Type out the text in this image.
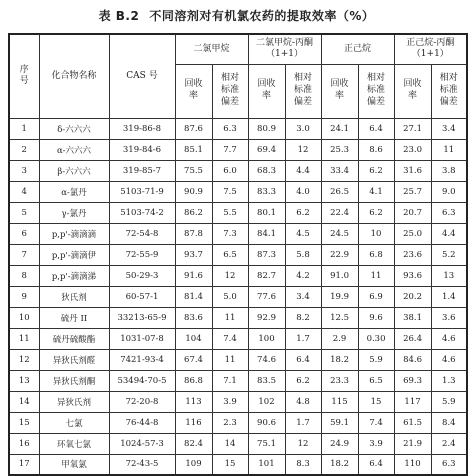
表 B.2 不同溶剂对有机氯农药的提取效率（%）
序号	化合物名称	CAS 号	二氯甲烷		二氯甲烷-丙酮（1+1）		正己烷		正己烷-丙酮（1+1）	
			回收率	相对标准偏差	回收率	相对标准偏差	回收率	相对标准偏差	回收率	相对标准偏差
1	δ-六六六	319-86-8	87.6	6.3	80.9	3.0	24.1	6.4	27.1	3.4
2	α-六六六	319-84-6	85.1	7.7	69.4	12	25.3	8.6	23.0	11
3	β-六六六	319-85-7	75.5	6.0	68.3	4.4	33.4	6.2	31.6	3.8
4	α-氯丹	5103-71-9	90.9	7.5	83.3	4.0	26.5	4.1	25.7	9.0
5	γ-氯丹	5103-74-2	86.2	5.5	80.1	6.2	22.4	6.2	20.7	6.3
6	p,p'-滴滴滴	72-54-8	87.8	7.3	84.1	4.5	24.5	10	25.0	4.4
7	p,p'-滴滴伊	72-55-9	93.7	6.5	87.3	5.8	22.9	6.8	23.6	5.2
8	p,p'-滴滴涕	50-29-3	91.6	12	82.7	4.2	91.0	11	93.6	13
9	狄氏剂	60-57-1	81.4	5.0	77.6	3.4	19.9	6.9	20.2	1.4
10	硫丹 II	33213-65-9	83.6	11	92.9	8.2	12.5	9.6	38.1	3.6
11	硫丹硫酸酯	1031-07-8	104	7.4	100	1.7	2.9	0.30	26.4	4.6
12	异狄氏剂醛	7421-93-4	67.4	11	74.6	6.4	18.2	5.9	84.6	4.6
13	异狄氏剂酮	53494-70-5	86.8	7.1	83.5	6.2	23.3	6.5	69.3	1.3
14	异狄氏剂	72-20-8	113	3.9	102	4.8	115	15	117	5.9
15	七氯	76-44-8	116	2.3	90.6	1.7	59.1	7.4	61.5	8.4
16	环氧七氯	1024-57-3	82.4	14	75.1	12	24.9	3.9	21.9	2.4
17	甲氧氯	72-43-5	109	15	101	8.3	18.2	6.4	110	6.3
